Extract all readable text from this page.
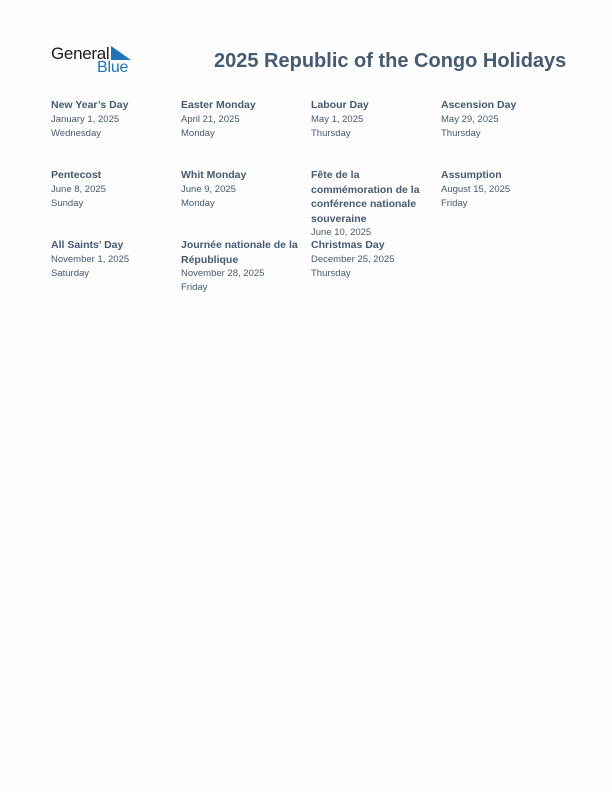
General
Blue	2025 Republic of the Congo Holidays
New Year’s Day
January 1, 2025
Wednesday
Easter Monday
April 21, 2025
Monday
Labour Day
May 1, 2025
Thursday
Ascension Day
May 29, 2025
Thursday
Pentecost
June 8, 2025
Sunday
Whit Monday
June 9, 2025
Monday
Fête de la commémoration de la conférence nationale souveraine
June 10, 2025
Assumption
August 15, 2025
Friday
All Saints’ Day
November 1, 2025
Saturday
Journée nationale de la République
November 28, 2025
Friday
Christmas Day
December 25, 2025
Thursday
